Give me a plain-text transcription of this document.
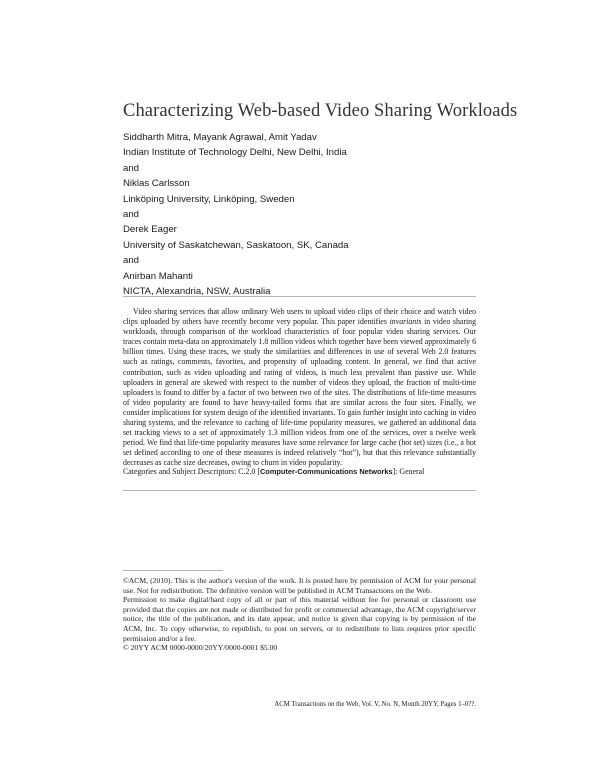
Characterizing Web-based Video Sharing Workloads
Siddharth Mitra, Mayank Agrawal, Amit Yadav
Indian Institute of Technology Delhi, New Delhi, India
and
Niklas Carlsson
Linköping University, Linköping, Sweden
and
Derek Eager
University of Saskatchewan, Saskatoon, SK, Canada
and
Anirban Mahanti
NICTA, Alexandria, NSW, Australia

Video sharing services that allow ordinary Web users to upload video clips of their choice and watch video clips uploaded by others have recently become very popular. This paper identifies invariants in video sharing workloads, through comparison of the workload characteristics of four popular video sharing services. Our traces contain meta-data on approximately 1.8 million videos which together have been viewed approximately 6 billion times. Using these traces, we study the similarities and differences in use of several Web 2.0 features such as ratings, comments, favorites, and propensity of uploading content. In general, we find that active contribution, such as video uploading and rating of videos, is much less prevalent than passive use. While uploaders in general are skewed with respect to the number of videos they upload, the fraction of multi-time uploaders is found to differ by a factor of two between two of the sites. The distributions of life-time measures of video popularity are found to have heavy-tailed forms that are similar across the four sites. Finally, we consider implications for system design of the identified invariants. To gain further insight into caching in video sharing systems, and the relevance to caching of life-time popularity measures, we gathered an additional data set tracking views to a set of approximately 1.3 million videos from one of the services, over a twelve week period. We find that life-time popularity measures have some relevance for large cache (hot set) sizes (i.e., a hot set defined according to one of these measures is indeed relatively “hot”), but that this relevance substantially decreases as cache size decreases, owing to churn in video popularity.

Categories and Subject Descriptors: C.2.0 [Computer-Communications Networks]: General

©ACM, (2010). This is the author's version of the work. It is posted here by permission of ACM for your personal use. Not for redistribution. The definitive version will be published in ACM Transactions on the Web.

Permission to make digital/hard copy of all or part of this material without fee for personal or classroom use provided that the copies are not made or distributed for profit or commercial advantage, the ACM copyright/server notice, the title of the publication, and its date appear, and notice is given that copying is by permission of the ACM, Inc. To copy otherwise, to republish, to post on servers, or to redistribute to lists requires prior specific permission and/or a fee.

© 20YY ACM 0000-0000/20YY/0000-0001 $5.00

ACM Transactions on the Web, Vol. V, No. N, Month 20YY, Pages 1–0??.
